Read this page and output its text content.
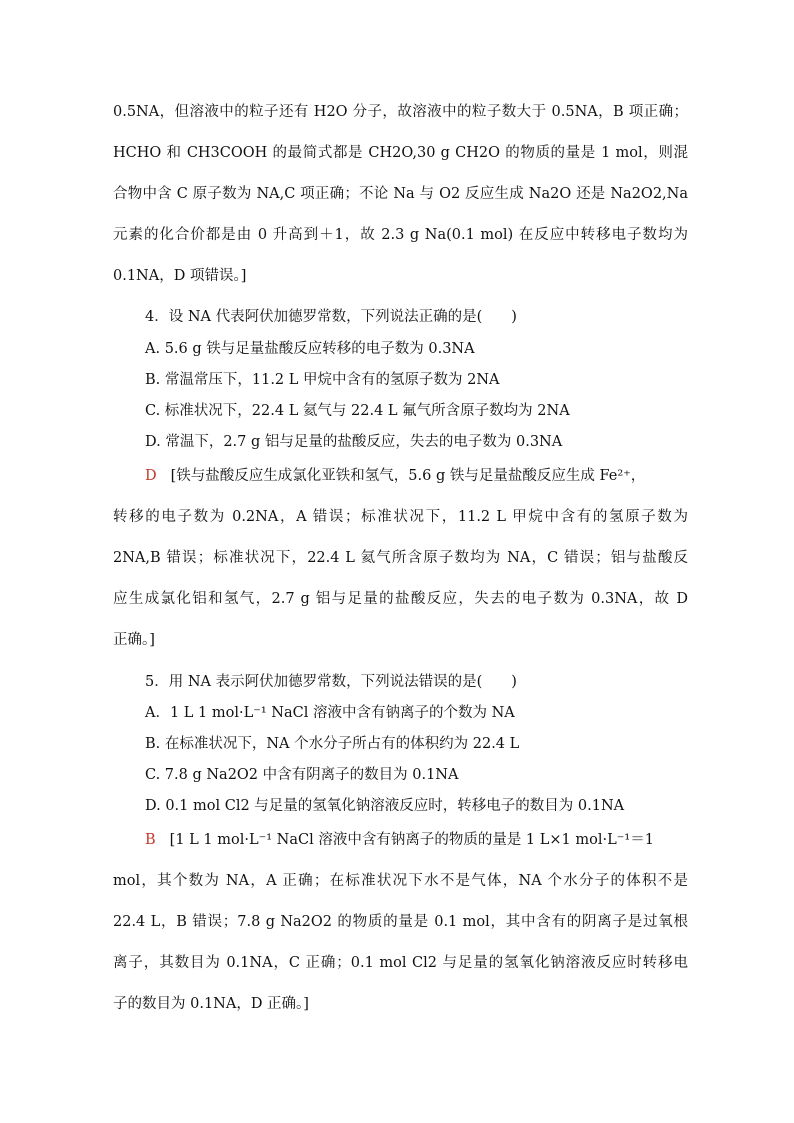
0.5NA，但溶液中的粒子还有 H2O 分子，故溶液中的粒子数大于 0.5NA，B 项正确；
HCHO 和 CH3COOH 的最简式都是 CH2O,30 g CH2O 的物质的量是 1 mol，则混
合物中含 C 原子数为 NA,C 项正确；不论 Na 与 O2 反应生成 Na2O 还是 Na2O2,Na
元素的化合价都是由 0 升高到＋1，故 2.3 g Na(0.1 mol) 在反应中转移电子数均为
0.1NA，D 项错误。]
4．设 NA 代表阿伏加德罗常数，下列说法正确的是(　　)
A. 5.6 g 铁与足量盐酸反应转移的电子数为 0.3NA
B. 常温常压下，11.2 L 甲烷中含有的氢原子数为 2NA
C. 标准状况下，22.4 L 氦气与 22.4 L 氟气所含原子数均为 2NA
D. 常温下，2.7 g 铝与足量的盐酸反应，失去的电子数为 0.3NA
D [铁与盐酸反应生成氯化亚铁和氢气，5.6 g 铁与足量盐酸反应生成 Fe²⁺，
转移的电子数为 0.2NA，A 错误；标准状况下，11.2 L 甲烷中含有的氢原子数为
2NA,B 错误；标准状况下，22.4 L 氦气所含原子数均为 NA，C 错误；铝与盐酸反
应生成氯化铝和氢气，2.7 g 铝与足量的盐酸反应，失去的电子数为 0.3NA，故 D
正确。]
5．用 NA 表示阿伏加德罗常数，下列说法错误的是(　　)
A．1 L 1 mol·L⁻¹ NaCl 溶液中含有钠离子的个数为 NA
B. 在标准状况下，NA 个水分子所占有的体积约为 22.4 L
C. 7.8 g Na2O2 中含有阴离子的数目为 0.1NA
D. 0.1 mol Cl2 与足量的氢氧化钠溶液反应时，转移电子的数目为 0.1NA
B [1 L 1 mol·L⁻¹ NaCl 溶液中含有钠离子的物质的量是 1 L×1 mol·L⁻¹＝1
mol，其个数为 NA，A 正确；在标准状况下水不是气体，NA 个水分子的体积不是
22.4 L，B 错误；7.8 g Na2O2 的物质的量是 0.1 mol，其中含有的阴离子是过氧根
离子，其数目为 0.1NA，C 正确；0.1 mol Cl2 与足量的氢氧化钠溶液反应时转移电
子的数目为 0.1NA，D 正确。]
